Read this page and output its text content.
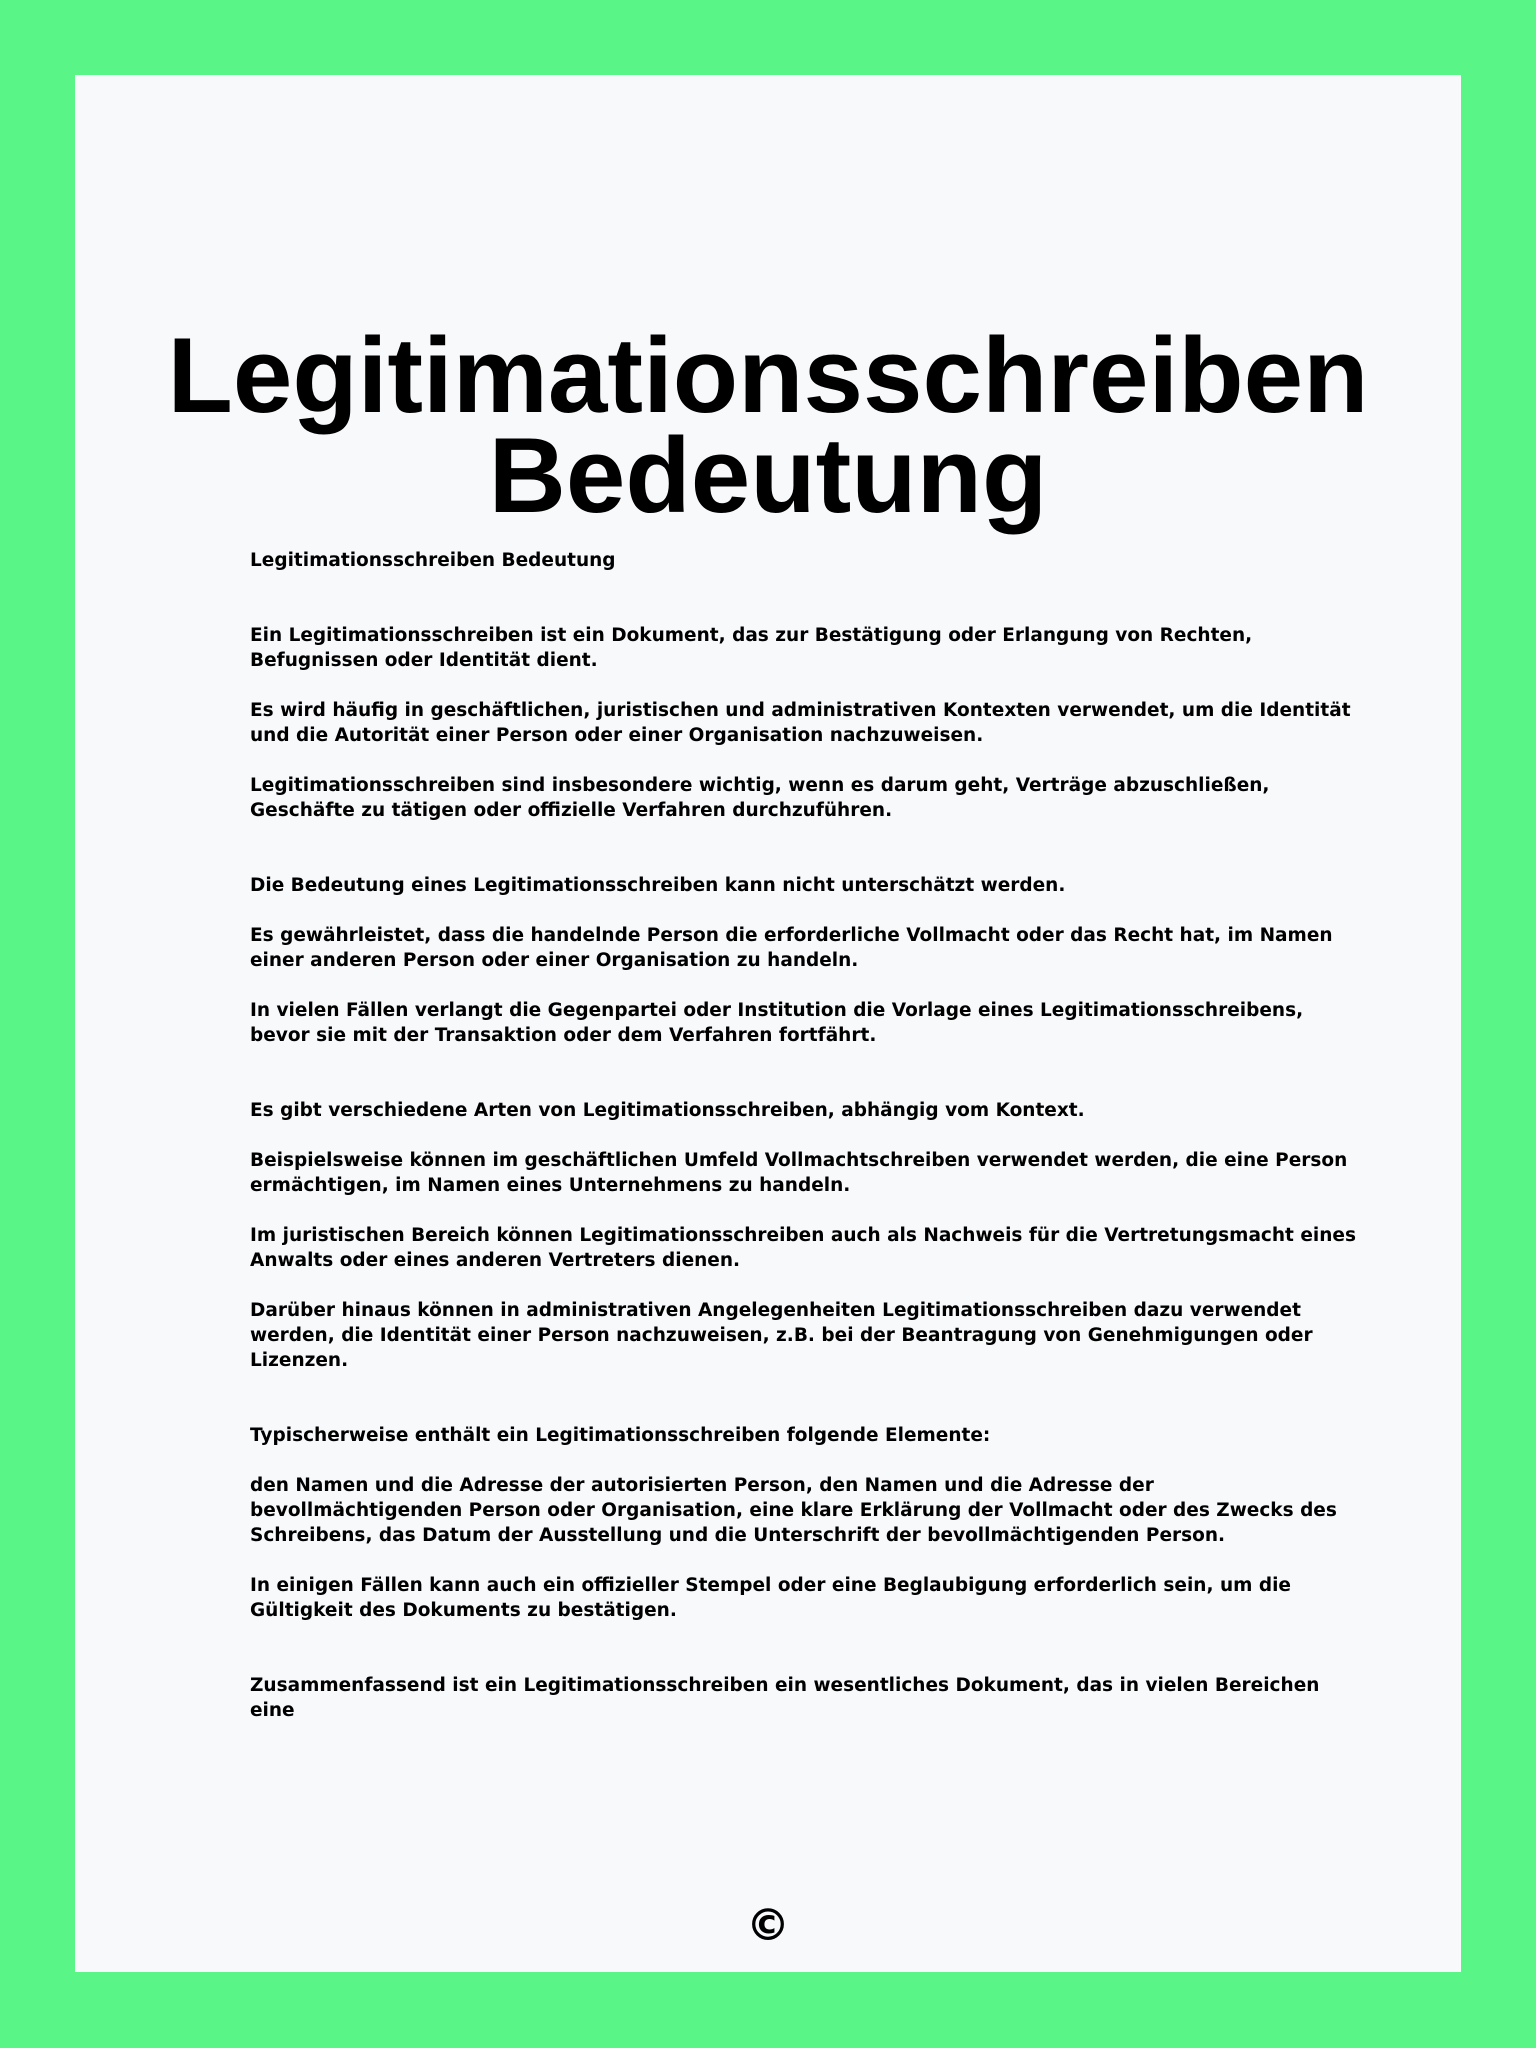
Legitimationsschreiben
Bedeutung

Legitimationsschreiben Bedeutung

Ein Legitimationsschreiben ist ein Dokument, das zur Bestätigung oder Erlangung von Rechten, Befugnissen oder Identität dient.

Es wird häufig in geschäftlichen, juristischen und administrativen Kontexten verwendet, um die Identität und die Autorität einer Person oder einer Organisation nachzuweisen.

Legitimationsschreiben sind insbesondere wichtig, wenn es darum geht, Verträge abzuschließen, Geschäfte zu tätigen oder offizielle Verfahren durchzuführen.

Die Bedeutung eines Legitimationsschreiben kann nicht unterschätzt werden.

Es gewährleistet, dass die handelnde Person die erforderliche Vollmacht oder das Recht hat, im Namen einer anderen Person oder einer Organisation zu handeln.

In vielen Fällen verlangt die Gegenpartei oder Institution die Vorlage eines Legitimationsschreibens, bevor sie mit der Transaktion oder dem Verfahren fortfährt.

Es gibt verschiedene Arten von Legitimationsschreiben, abhängig vom Kontext.

Beispielsweise können im geschäftlichen Umfeld Vollmachtschreiben verwendet werden, die eine Person ermächtigen, im Namen eines Unternehmens zu handeln.

Im juristischen Bereich können Legitimationsschreiben auch als Nachweis für die Vertretungsmacht eines Anwalts oder eines anderen Vertreters dienen.

Darüber hinaus können in administrativen Angelegenheiten Legitimationsschreiben dazu verwendet werden, die Identität einer Person nachzuweisen, z.B. bei der Beantragung von Genehmigungen oder Lizenzen.

Typischerweise enthält ein Legitimationsschreiben folgende Elemente:

den Namen und die Adresse der autorisierten Person, den Namen und die Adresse der bevollmächtigenden Person oder Organisation, eine klare Erklärung der Vollmacht oder des Zwecks des Schreibens, das Datum der Ausstellung und die Unterschrift der bevollmächtigenden Person.

In einigen Fällen kann auch ein offizieller Stempel oder eine Beglaubigung erforderlich sein, um die Gültigkeit des Dokuments zu bestätigen.

Zusammenfassend ist ein Legitimationsschreiben ein wesentliches Dokument, das in vielen Bereichen eine

©
